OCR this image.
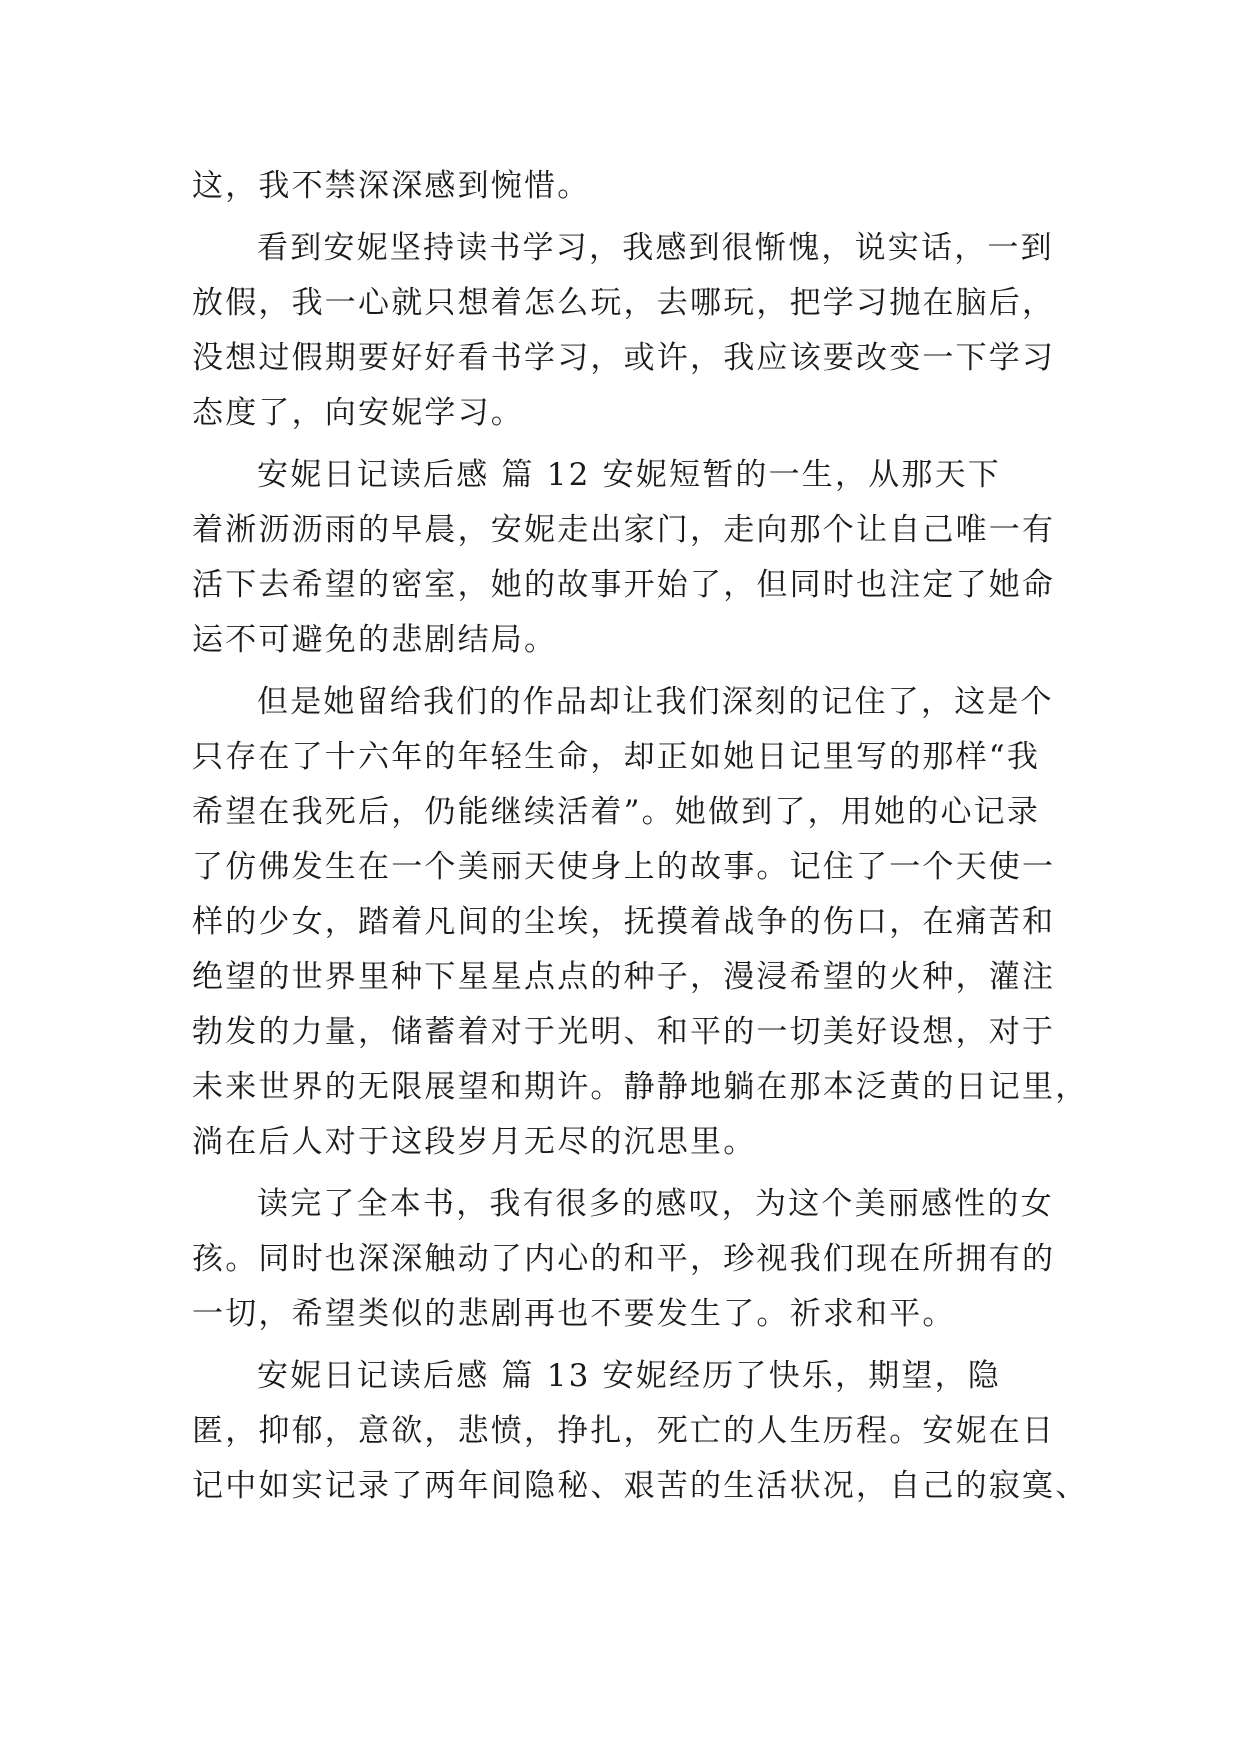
这，我不禁深深感到惋惜。
看到安妮坚持读书学习，我感到很惭愧，说实话，一到
放假，我一心就只想着怎么玩，去哪玩，把学习抛在脑后，
没想过假期要好好看书学习，或许，我应该要改变一下学习
态度了，向安妮学习。
安妮日记读后感 篇 12 安妮短暂的一生，从那天下
着淅沥沥雨的早晨，安妮走出家门，走向那个让自己唯一有
活下去希望的密室，她的故事开始了，但同时也注定了她命
运不可避免的悲剧结局。
但是她留给我们的作品却让我们深刻的记住了，这是个
只存在了十六年的年轻生命，却正如她日记里写的那样“我
希望在我死后，仍能继续活着”。她做到了，用她的心记录
了仿佛发生在一个美丽天使身上的故事。记住了一个天使一
样的少女，踏着凡间的尘埃，抚摸着战争的伤口，在痛苦和
绝望的世界里种下星星点点的种子，漫浸希望的火种，灌注
勃发的力量，储蓄着对于光明、和平的一切美好设想，对于
未来世界的无限展望和期许。静静地躺在那本泛黄的日记里，
淌在后人对于这段岁月无尽的沉思里。
读完了全本书，我有很多的感叹，为这个美丽感性的女
孩。同时也深深触动了内心的和平，珍视我们现在所拥有的
一切，希望类似的悲剧再也不要发生了。祈求和平。
安妮日记读后感 篇 13 安妮经历了快乐，期望，隐
匿，抑郁，意欲，悲愤，挣扎，死亡的人生历程。安妮在日
记中如实记录了两年间隐秘、艰苦的生活状况，自己的寂寞、
